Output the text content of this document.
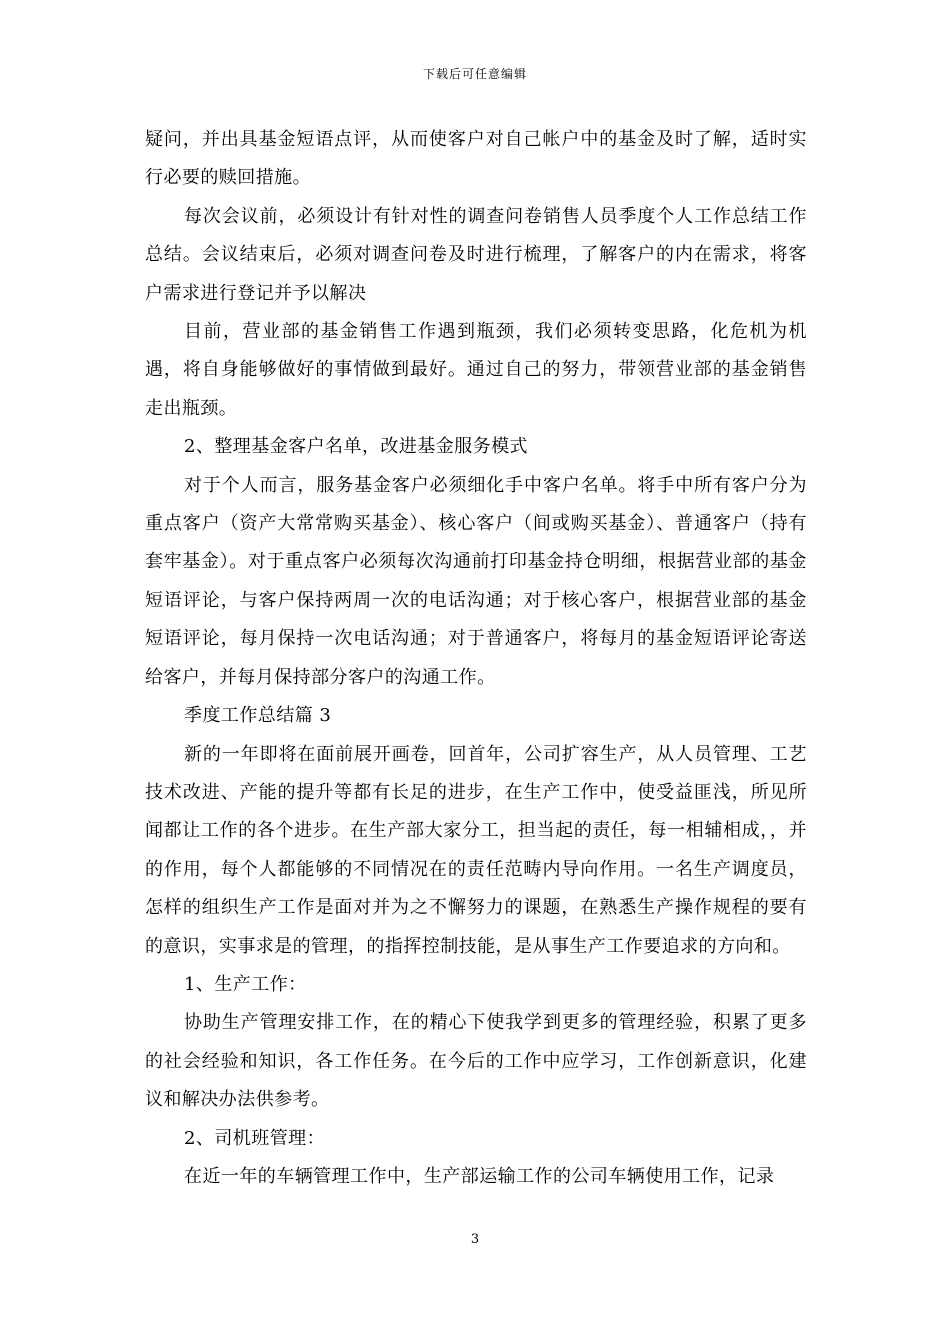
下载后可任意编辑

疑问，并出具基金短语点评，从而使客户对自己帐户中的基金及时了解，适时实行必要的赎回措施。

每次会议前，必须设计有针对性的调查问卷销售人员季度个人工作总结工作总结。会议结束后，必须对调查问卷及时进行梳理，了解客户的内在需求，将客户需求进行登记并予以解决

目前，营业部的基金销售工作遇到瓶颈，我们必须转变思路，化危机为机遇，将自身能够做好的事情做到最好。通过自己的努力，带领营业部的基金销售走出瓶颈。

2、整理基金客户名单，改进基金服务模式

对于个人而言，服务基金客户必须细化手中客户名单。将手中所有客户分为重点客户（资产大常常购买基金）、核心客户（间或购买基金）、普通客户（持有套牢基金）。对于重点客户必须每次沟通前打印基金持仓明细，根据营业部的基金短语评论，与客户保持两周一次的电话沟通；对于核心客户，根据营业部的基金短语评论，每月保持一次电话沟通；对于普通客户，将每月的基金短语评论寄送给客户，并每月保持部分客户的沟通工作。

季度工作总结篇 3

新的一年即将在面前展开画卷，回首年，公司扩容生产，从人员管理、工艺技术改进、产能的提升等都有长足的进步，在生产工作中，使受益匪浅，所见所闻都让工作的各个进步。在生产部大家分工，担当起的责任，每一相辅相成，，并的作用，每个人都能够的不同情况在的责任范畴内导向作用。一名生产调度员，怎样的组织生产工作是面对并为之不懈努力的课题，在熟悉生产操作规程的要有的意识，实事求是的管理，的指挥控制技能，是从事生产工作要追求的方向和。

1、生产工作：

协助生产管理安排工作，在的精心下使我学到更多的管理经验，积累了更多的社会经验和知识，各工作任务。在今后的工作中应学习，工作创新意识，化建议和解决办法供参考。

2、司机班管理：

在近一年的车辆管理工作中，生产部运输工作的公司车辆使用工作，记录

3
